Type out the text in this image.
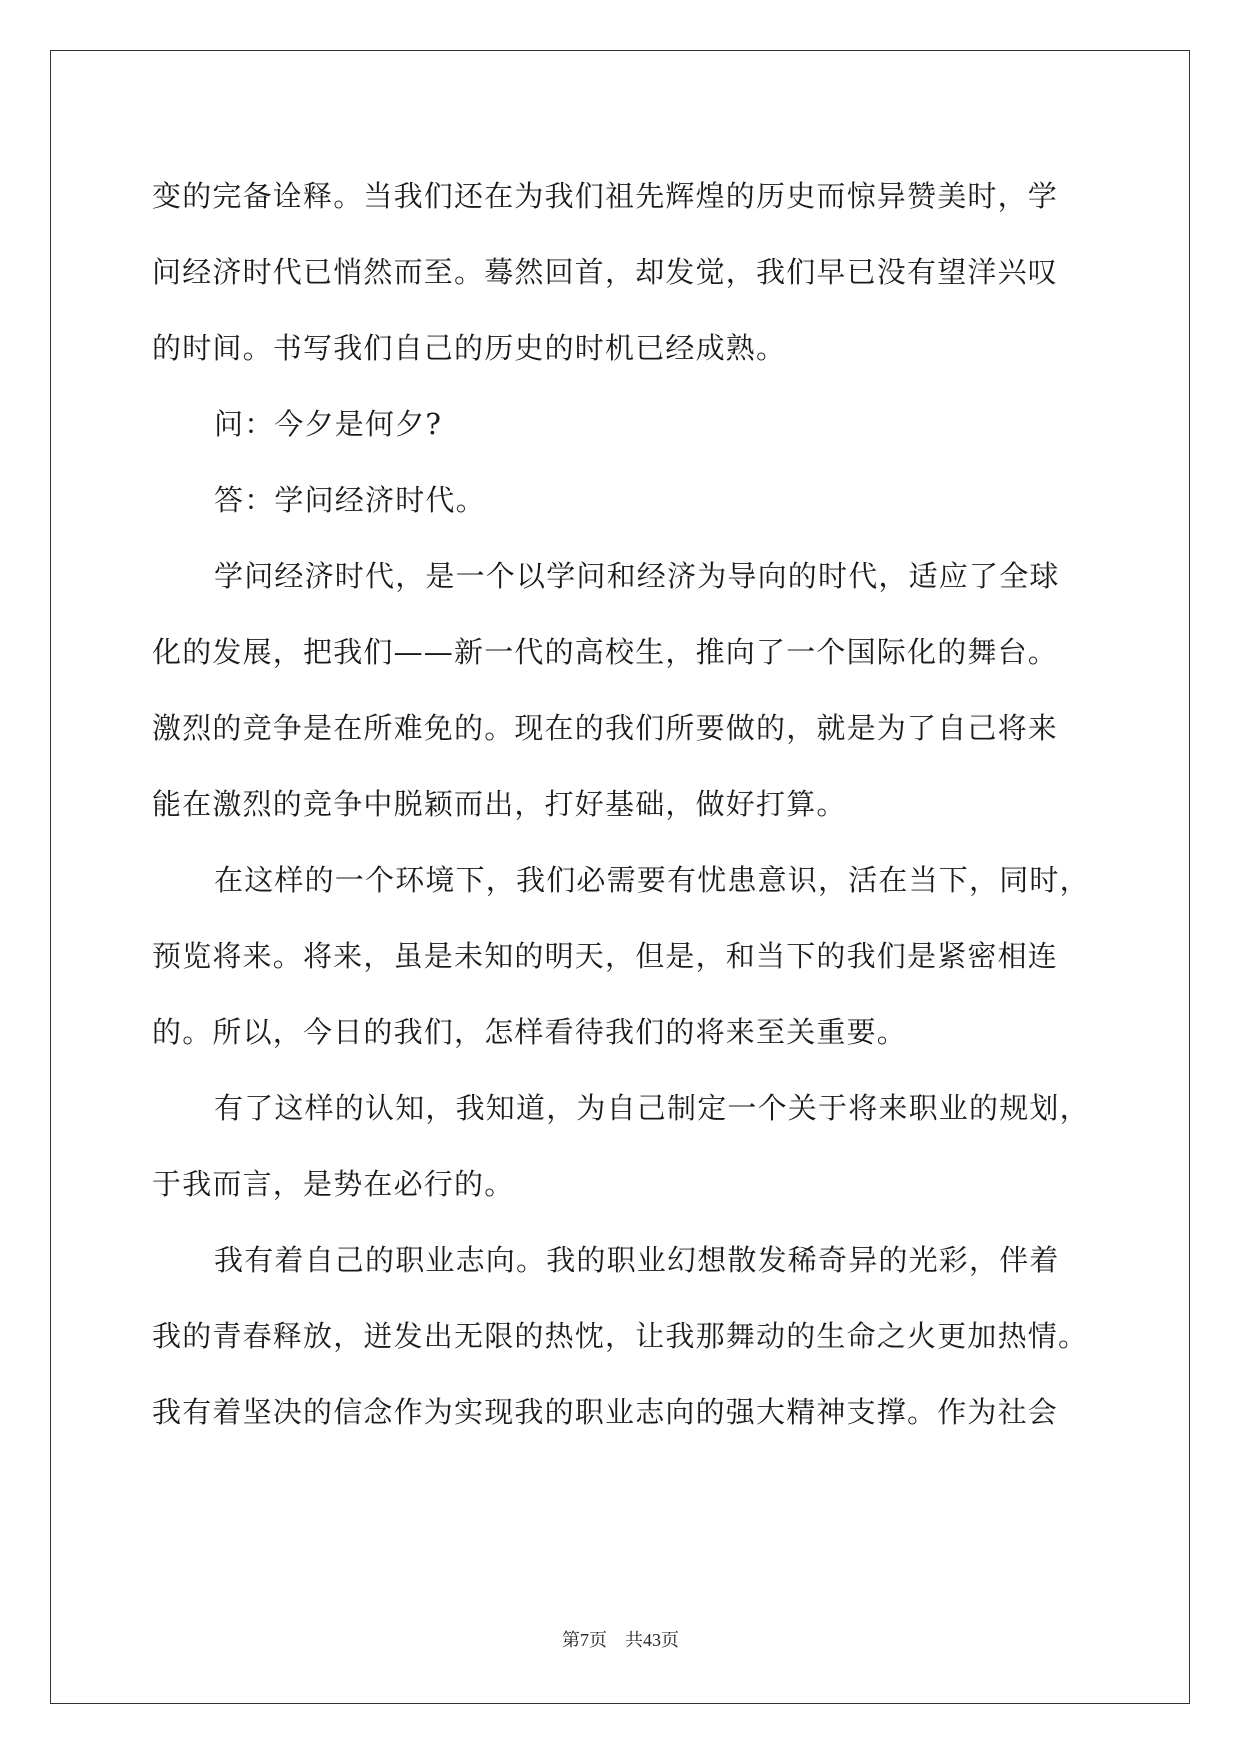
变的完备诠释。当我们还在为我们祖先辉煌的历史而惊异赞美时，学
问经济时代已悄然而至。蓦然回首，却发觉，我们早已没有望洋兴叹
的时间。书写我们自己的历史的时机已经成熟。
问：今夕是何夕?
答：学问经济时代。
学问经济时代，是一个以学问和经济为导向的时代，适应了全球
化的发展，把我们——新一代的高校生，推向了一个国际化的舞台。
激烈的竞争是在所难免的。现在的我们所要做的，就是为了自己将来
能在激烈的竞争中脱颖而出，打好基础，做好打算。
在这样的一个环境下，我们必需要有忧患意识，活在当下，同时，
预览将来。将来，虽是未知的明天，但是，和当下的我们是紧密相连
的。所以，今日的我们，怎样看待我们的将来至关重要。
有了这样的认知，我知道，为自己制定一个关于将来职业的规划，
于我而言，是势在必行的。
我有着自己的职业志向。我的职业幻想散发稀奇异的光彩，伴着
我的青春释放，迸发出无限的热忱，让我那舞动的生命之火更加热情。
我有着坚决的信念作为实现我的职业志向的强大精神支撑。作为社会
第7页    共43页
